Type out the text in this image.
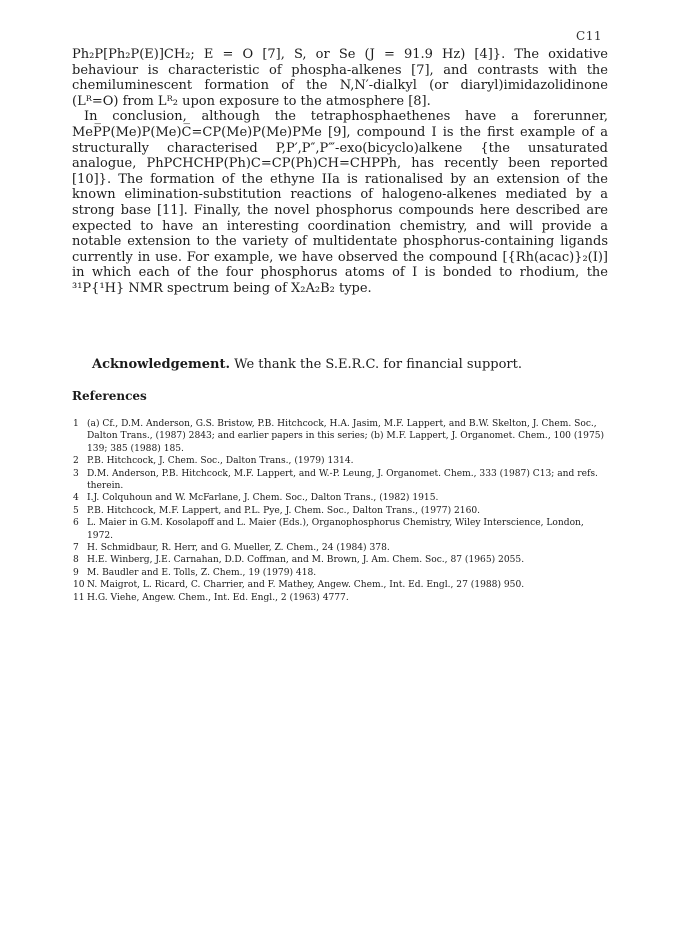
C11

Ph₂P[Ph₂P(E)]CH₂; E = O [7], S, or Se (J = 91.9 Hz) [4]}. The oxidative behaviour is characteristic of phospha-alkenes [7], and contrasts with the chemiluminescent formation of the N,N′-dialkyl (or diaryl)imidazolidinone (Lᴿ=O) from Lᴿ₂ upon exposure to the atmosphere [8].

In conclusion, although the tetraphosphaethenes have a forerunner, MeP̅P(Me)P(Me)C̅=CP(Me)P(Me)PMe [9], compound I is the first example of a structurally characterised P,P′,P″,P‴-exo(bicyclo)alkene {the unsaturated analogue, PhPCHCHP(Ph)C=CP(Ph)CH=CHPPh, has recently been reported [10]}. The formation of the ethyne IIa is rationalised by an extension of the known elimination-substitution reactions of halogeno-alkenes mediated by a strong base [11]. Finally, the novel phosphorus compounds here described are expected to have an interesting coordination chemistry, and will provide a notable extension to the variety of multidentate phosphorus-containing ligands currently in use. For example, we have observed the compound [{Rh(acac)}₂(I)] in which each of the four phosphorus atoms of I is bonded to rhodium, the ³¹P{¹H} NMR spectrum being of X₂A₂B₂ type.

Acknowledgement. We thank the S.E.R.C. for financial support.
References
1 (a) Cf., D.M. Anderson, G.S. Bristow, P.B. Hitchcock, H.A. Jasim, M.F. Lappert, and B.W. Skelton, J. Chem. Soc., Dalton Trans., (1987) 2843; and earlier papers in this series; (b) M.F. Lappert, J. Organomet. Chem., 100 (1975) 139; 385 (1988) 185.
2 P.B. Hitchcock, J. Chem. Soc., Dalton Trans., (1979) 1314.
3 D.M. Anderson, P.B. Hitchcock, M.F. Lappert, and W.-P. Leung, J. Organomet. Chem., 333 (1987) C13; and refs. therein.
4 I.J. Colquhoun and W. McFarlane, J. Chem. Soc., Dalton Trans., (1982) 1915.
5 P.B. Hitchcock, M.F. Lappert, and P.L. Pye, J. Chem. Soc., Dalton Trans., (1977) 2160.
6 L. Maier in G.M. Kosolapoff and L. Maier (Eds.), Organophosphorus Chemistry, Wiley Interscience, London, 1972.
7 H. Schmidbaur, R. Herr, and G. Mueller, Z. Chem., 24 (1984) 378.
8 H.E. Winberg, J.E. Carnahan, D.D. Coffman, and M. Brown, J. Am. Chem. Soc., 87 (1965) 2055.
9 M. Baudler and E. Tolls, Z. Chem., 19 (1979) 418.
10 N. Maigrot, L. Ricard, C. Charrier, and F. Mathey, Angew. Chem., Int. Ed. Engl., 27 (1988) 950.
11 H.G. Viehe, Angew. Chem., Int. Ed. Engl., 2 (1963) 4777.
